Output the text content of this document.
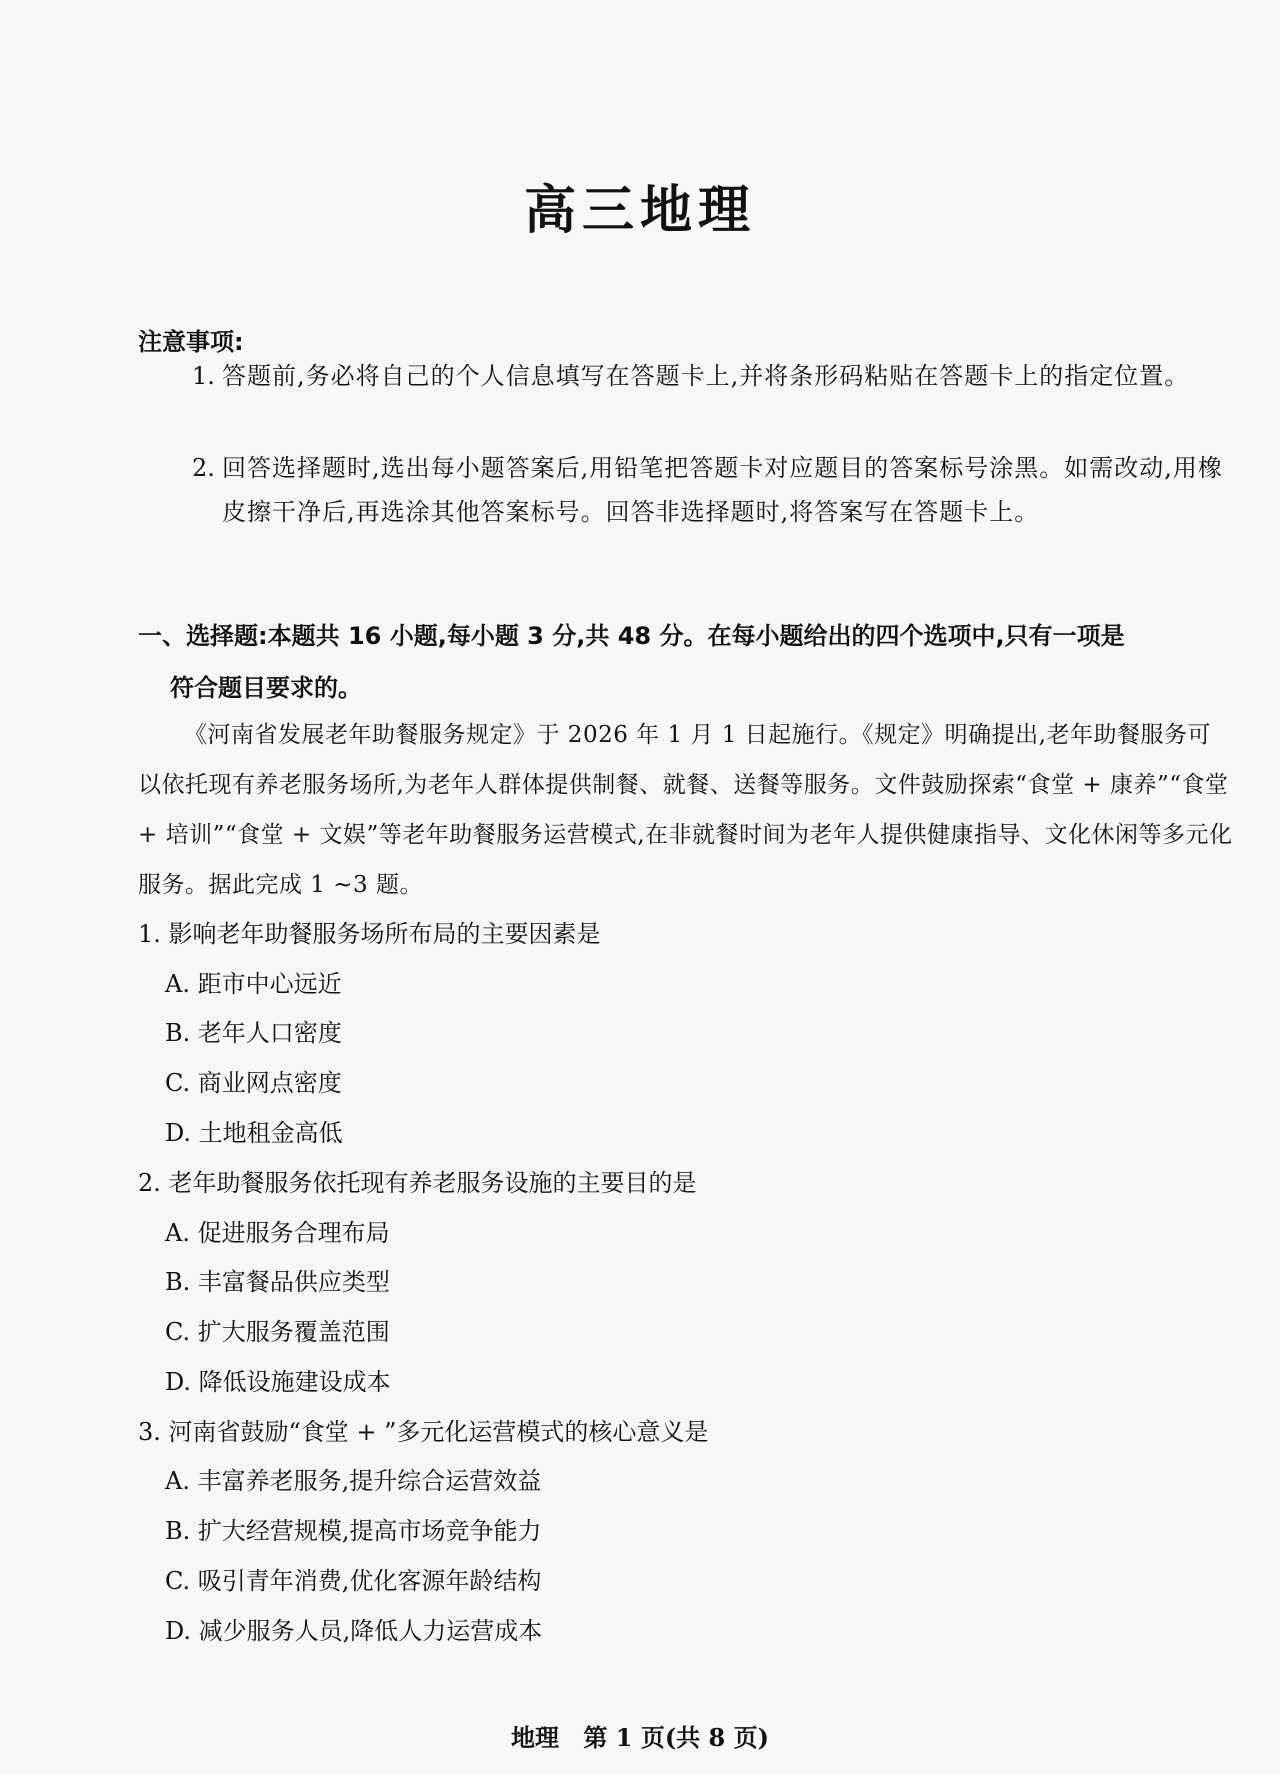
高三地理
注意事项:
1. 答题前,务必将自己的个人信息填写在答题卡上,并将条形码粘贴在答题卡上的指定位置。
2. 回答选择题时,选出每小题答案后,用铅笔把答题卡对应题目的答案标号涂黑。如需改动,用橡皮擦干净后,再选涂其他答案标号。回答非选择题时,将答案写在答题卡上。
一、选择题:本题共 16 小题,每小题 3 分,共 48 分。在每小题给出的四个选项中,只有一项是
符合题目要求的。
《河南省发展老年助餐服务规定》于 2026 年 1 月 1 日起施行。《规定》明确提出,老年助餐服务可以依托现有养老服务场所,为老年人群体提供制餐、就餐、送餐等服务。文件鼓励探索“食堂 + 康养”“食堂 + 培训”“食堂 + 文娱”等老年助餐服务运营模式,在非就餐时间为老年人提供健康指导、文化休闲等多元化服务。据此完成 1 ~3 题。
1. 影响老年助餐服务场所布局的主要因素是
A. 距市中心远近
B. 老年人口密度
C. 商业网点密度
D. 土地租金高低
2. 老年助餐服务依托现有养老服务设施的主要目的是
A. 促进服务合理布局
B. 丰富餐品供应类型
C. 扩大服务覆盖范围
D. 降低设施建设成本
3. 河南省鼓励“食堂 + ”多元化运营模式的核心意义是
A. 丰富养老服务,提升综合运营效益
B. 扩大经营规模,提高市场竞争能力
C. 吸引青年消费,优化客源年龄结构
D. 减少服务人员,降低人力运营成本
地理 第 1 页(共 8 页)
